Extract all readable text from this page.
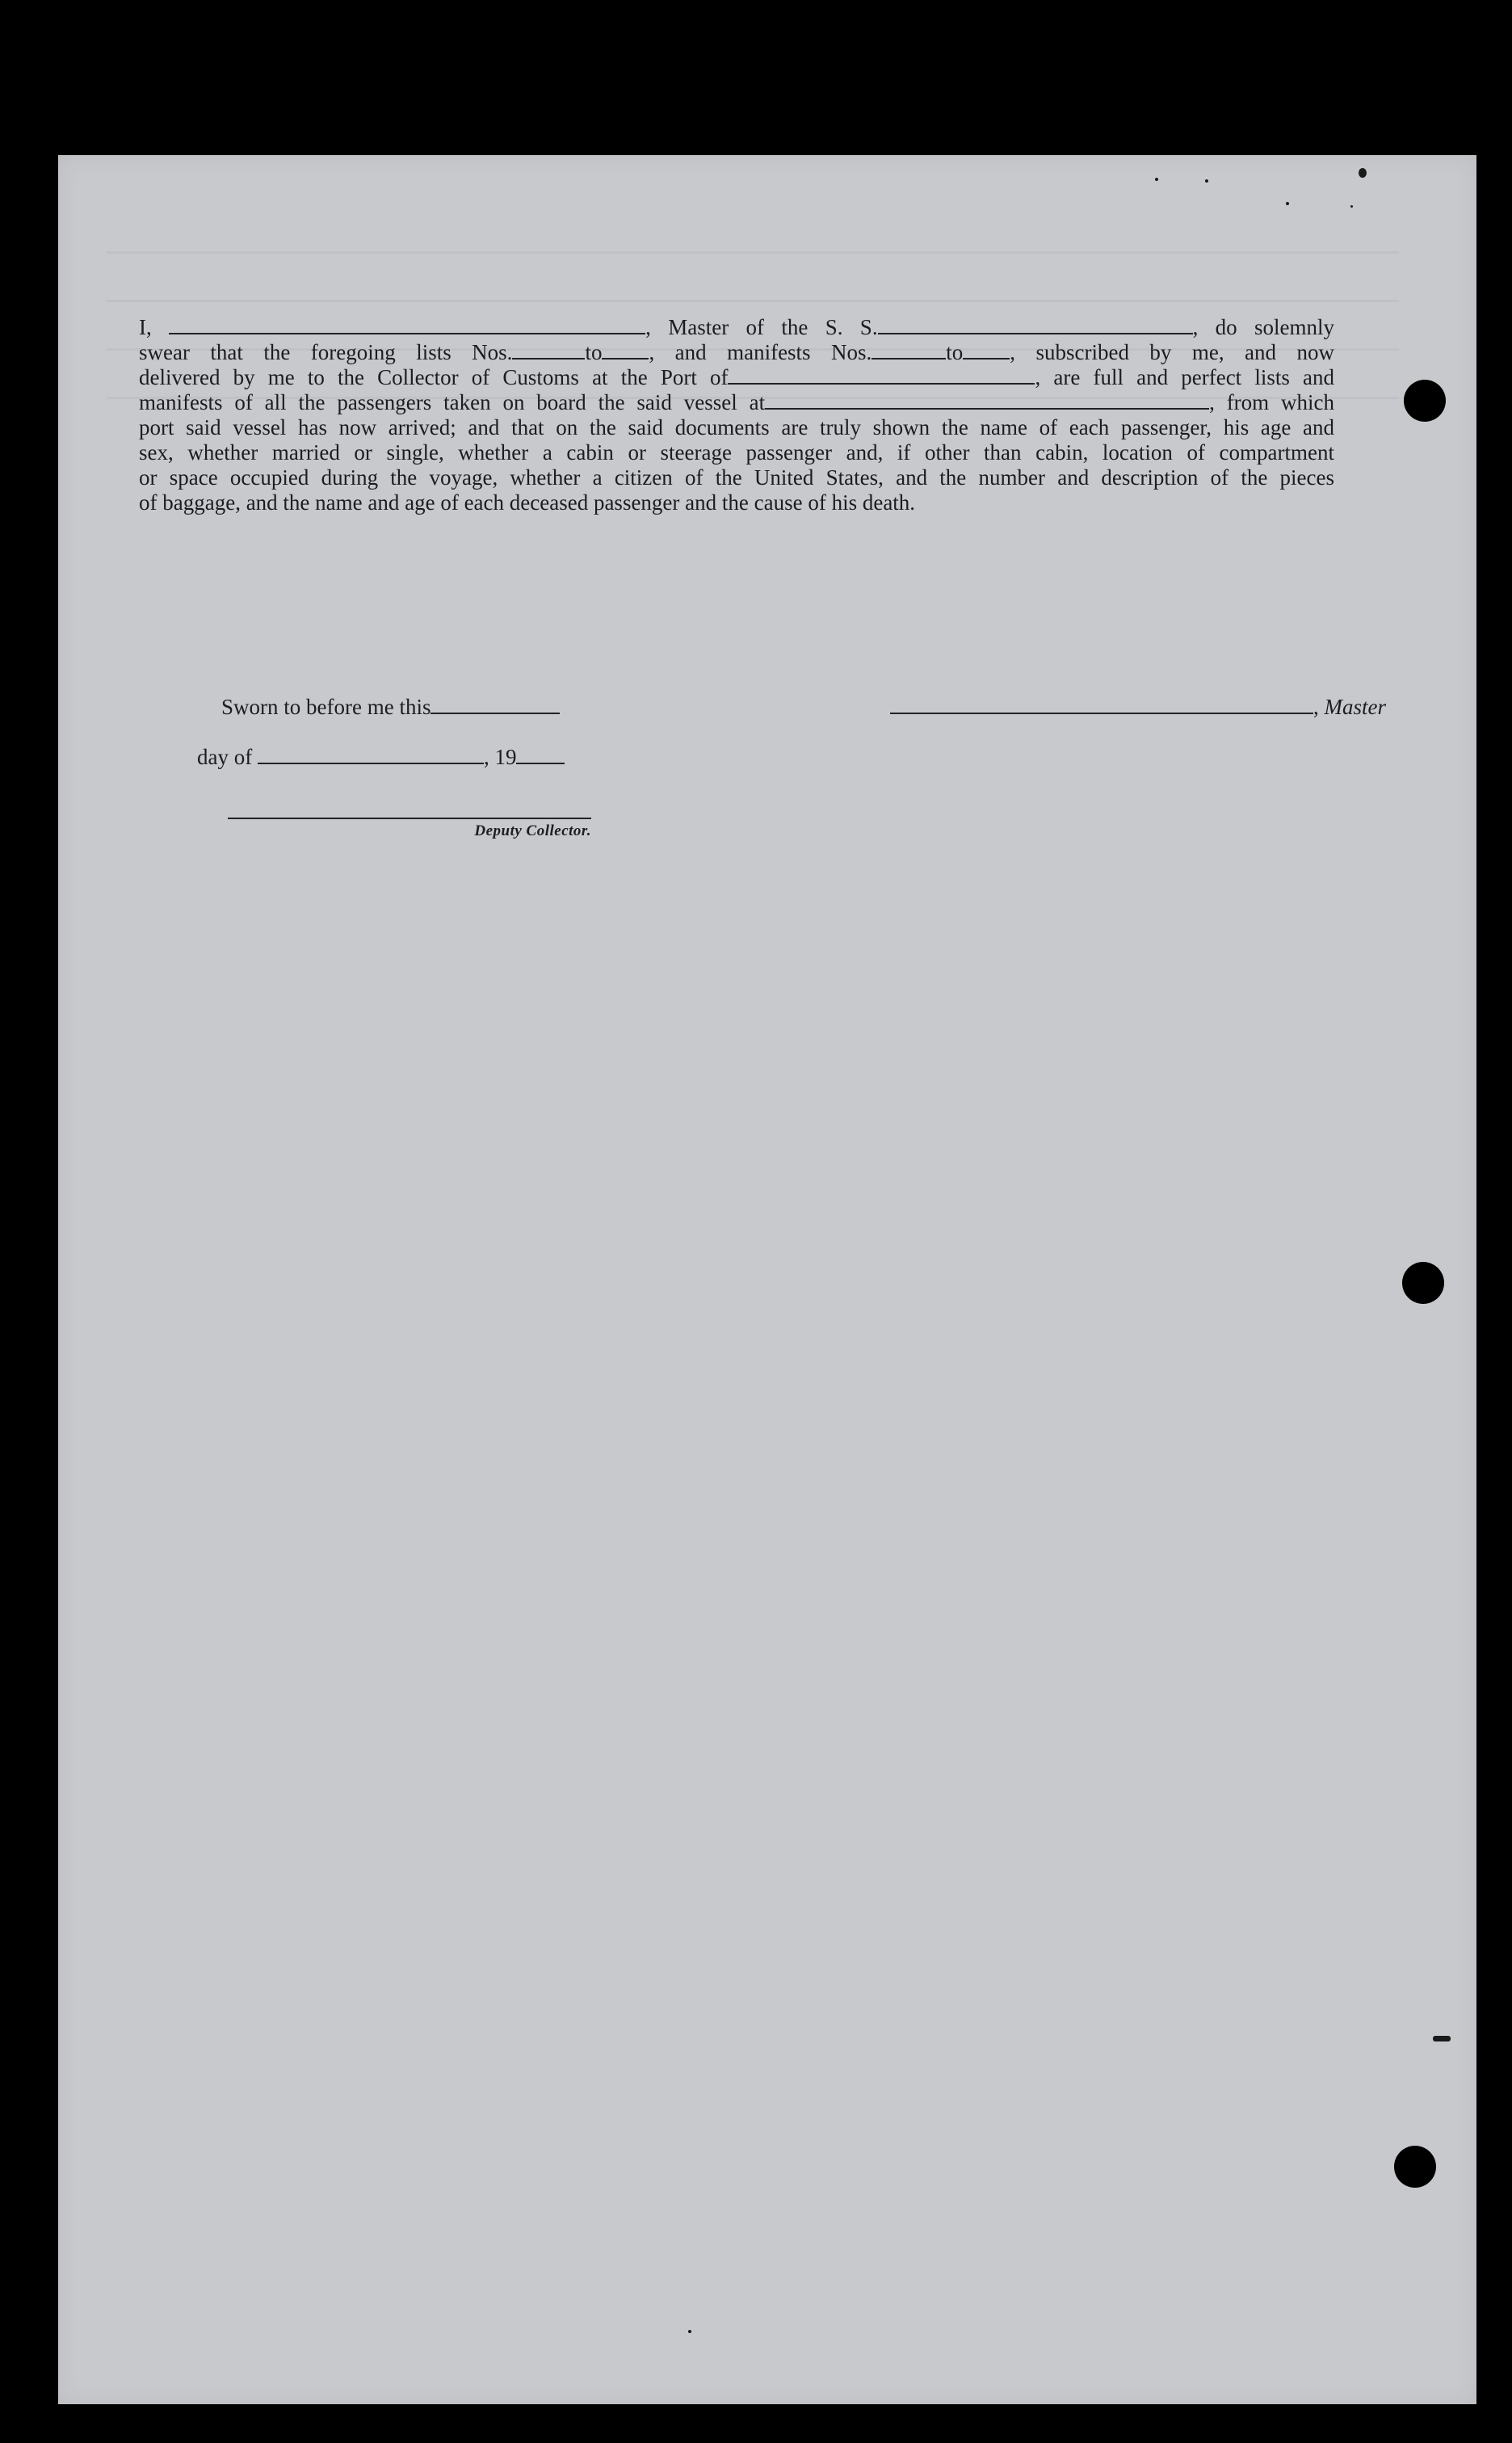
I,	, Master of the S. S.	, do solemnly

swear that the foregoing lists Nos.	to , and manifests Nos.	to , subscribed by me, and now

delivered by me to the Collector of Customs at the Port of	, are full and perfect lists and

manifests of all the passengers taken on board the said vessel at	, from which

port said vessel has now arrived; and that on the said documents are truly shown the name of each passenger, his age and

sex, whether married or single, whether a cabin or steerage passenger and, if other than cabin, location of compartment

or space occupied during the voyage, whether a citizen of the United States, and the number and description of the pieces

of baggage, and the name and age of each deceased passenger and the cause of his death.

Sworn to before me this	, Master
day of	, 19
Deputy Collector.
